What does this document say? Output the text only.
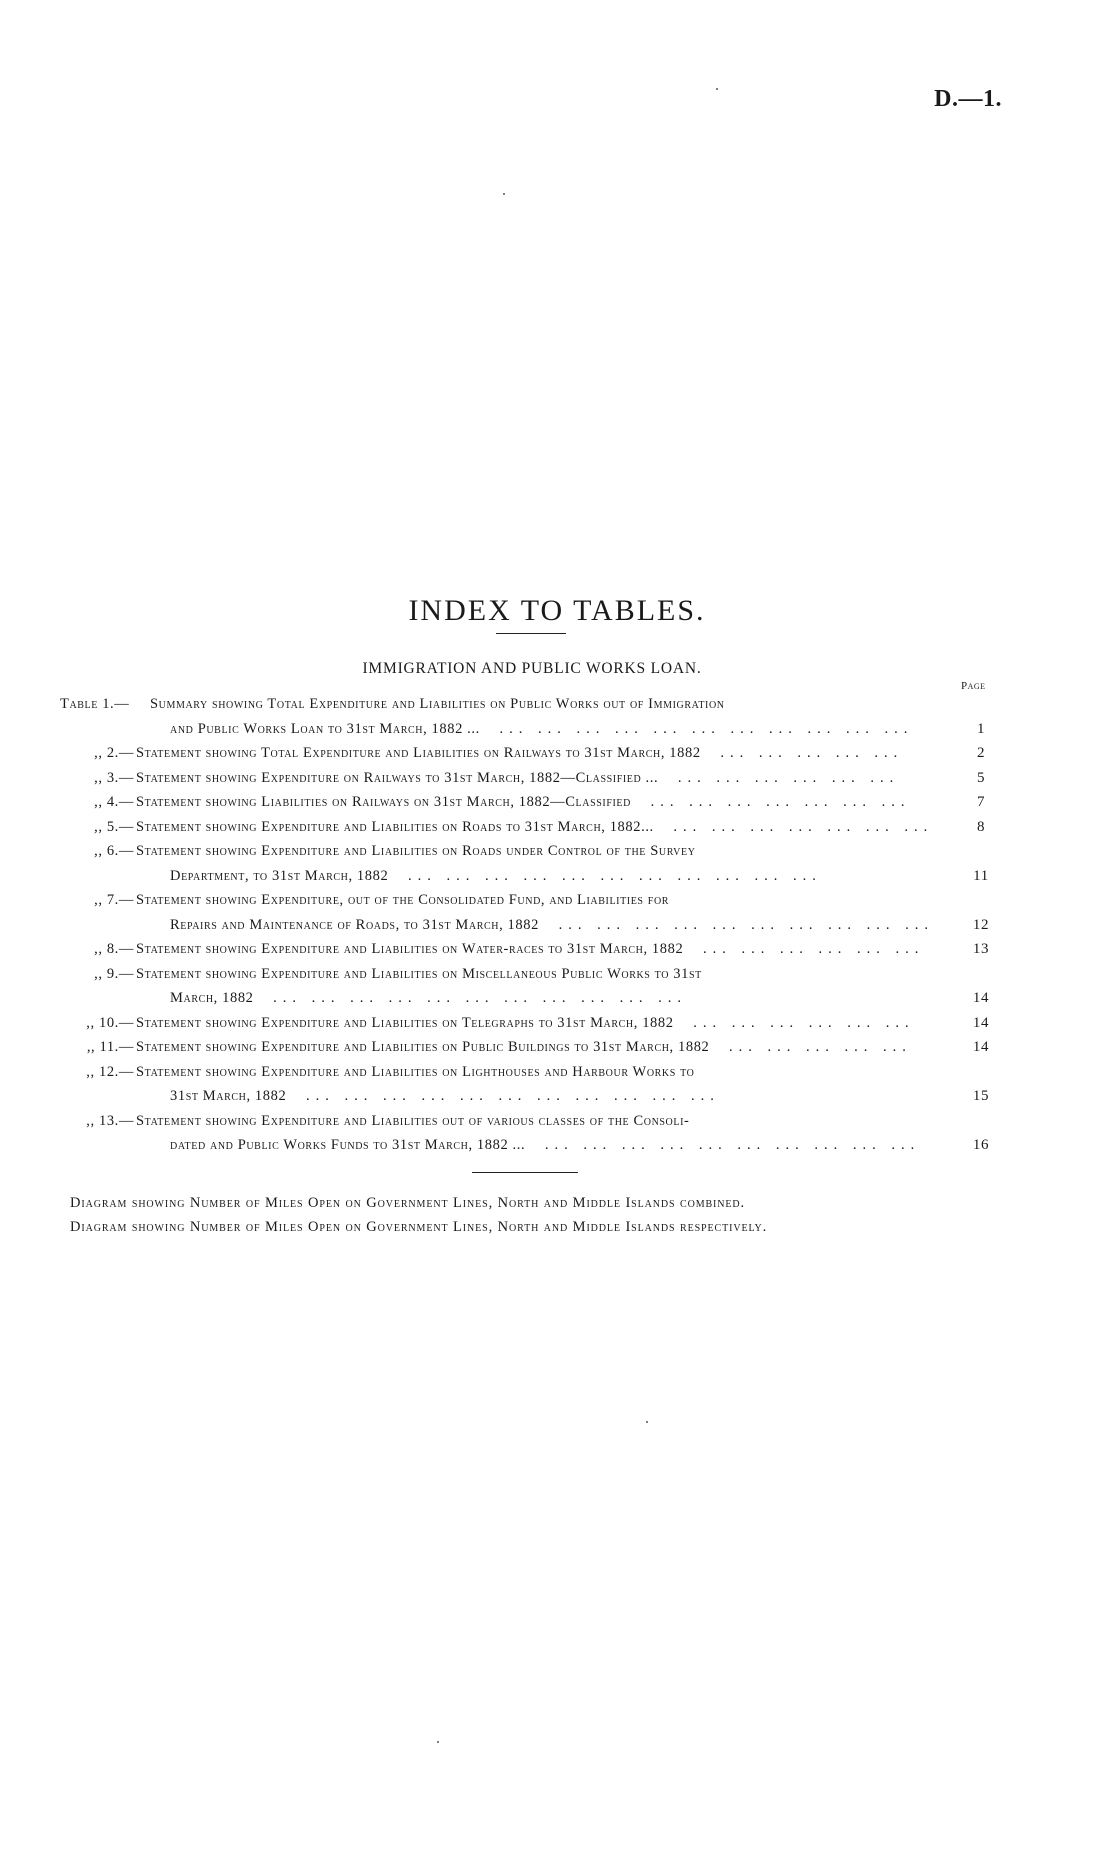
D.—1.
INDEX TO TABLES.
IMMIGRATION AND PUBLIC WORKS LOAN.
Page
Table 1.— Summary showing Total Expenditure and Liabilities on Public Works out of Immigration
and Public Works Loan to 31st March, 1882 ... ... ... ... ... ... ... ... ... ... ... ...	1
,, 2.— Statement showing Total Expenditure and Liabilities on Railways to 31st March, 1882 ... ... ... ... ...	2
,, 3.— Statement showing Expenditure on Railways to 31st March, 1882—Classified ... ... ... ... ... ... ...	5
,, 4.— Statement showing Liabilities on Railways on 31st March, 1882—Classified ... ... ... ... ... ... ...	7
,, 5.— Statement showing Expenditure and Liabilities on Roads to 31st March, 1882... ... ... ... ... ... ... ...	8
,, 6.— Statement showing Expenditure and Liabilities on Roads under Control of the Survey
Department, to 31st March, 1882 ... ... ... ... ... ... ... ... ... ... ...	11
,, 7.— Statement showing Expenditure, out of the Consolidated Fund, and Liabilities for
Repairs and Maintenance of Roads, to 31st March, 1882 ... ... ... ... ... ... ... ... ... ...	12
,, 8.— Statement showing Expenditure and Liabilities on Water-races to 31st March, 1882 ... ... ... ... ... ...	13
,, 9.— Statement showing Expenditure and Liabilities on Miscellaneous Public Works to 31st
March, 1882 ... ... ... ... ... ... ... ... ... ... ...	14
,, 10.— Statement showing Expenditure and Liabilities on Telegraphs to 31st March, 1882 ... ... ... ... ... ...	14
,, 11.— Statement showing Expenditure and Liabilities on Public Buildings to 31st March, 1882 ... ... ... ... ...	14
,, 12.— Statement showing Expenditure and Liabilities on Lighthouses and Harbour Works to
31st March, 1882 ... ... ... ... ... ... ... ... ... ... ...	15
,, 13.— Statement showing Expenditure and Liabilities out of various classes of the Consoli-
dated and Public Works Funds to 31st March, 1882 ... ... ... ... ... ... ... ... ... ... ...	16
Diagram showing Number of Miles Open on Government Lines, North and Middle Islands combined.
Diagram showing Number of Miles Open on Government Lines, North and Middle Islands respectively.
